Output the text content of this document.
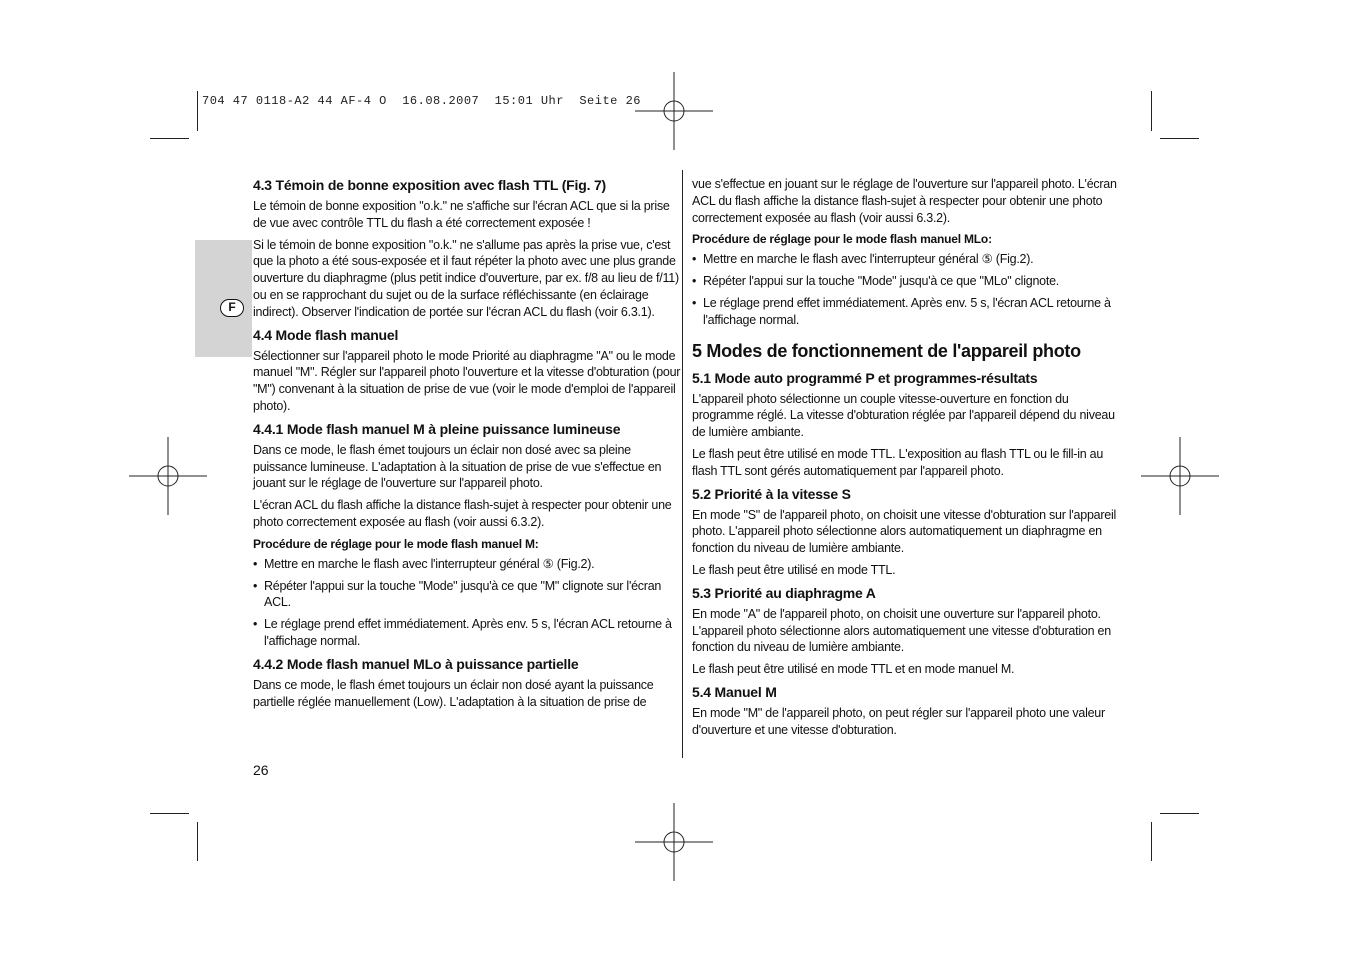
704 47 0118-A2 44 AF-4 O  16.08.2007  15:01 Uhr  Seite 26
F
4.3 Témoin de bonne exposition avec flash TTL (Fig. 7)

Le témoin de bonne exposition "o.k." ne s'affiche sur l'écran ACL que si la prise de vue avec contrôle TTL du flash a été correctement exposée !

Si le témoin de bonne exposition "o.k." ne s'allume pas après la prise vue, c'est que la photo a été sous-exposée et il faut répéter la photo avec une plus grande ouverture du diaphragme (plus petit indice d'ouverture, par ex. f/8 au lieu de f/11) ou en se rapprochant du sujet ou de la surface réfléchissante (en éclairage indirect). Observer l'indication de portée sur l'écran ACL du flash (voir 6.3.1).

4.4 Mode flash manuel

Sélectionner sur l'appareil photo le mode Priorité au diaphragme "A" ou le mode manuel "M". Régler sur l'appareil photo l'ouverture et la vitesse d'obturation (pour "M") convenant à la situation de prise de vue (voir le mode d'emploi de l'appareil photo).

4.4.1 Mode flash manuel M à pleine puissance lumineuse

Dans ce mode, le flash émet toujours un éclair non dosé avec sa pleine puissance lumineuse. L'adaptation à la situation de prise de vue s'effectue en jouant sur le réglage de l'ouverture sur l'appareil photo.

L'écran ACL du flash affiche la distance flash-sujet à respecter pour obtenir une photo correctement exposée au flash (voir aussi 6.3.2).

Procédure de réglage pour le mode flash manuel M:
• Mettre en marche le flash avec l'interrupteur général ⑤ (Fig.2).
• Répéter l'appui sur la touche "Mode" jusqu'à ce que "M" clignote sur l'écran ACL.
• Le réglage prend effet immédiatement. Après env. 5 s, l'écran ACL retourne à l'affichage normal.
4.4.2 Mode flash manuel MLo à puissance partielle

Dans ce mode, le flash émet toujours un éclair non dosé ayant la puissance partielle réglée manuellement (Low). L'adaptation à la situation de prise de

vue s'effectue en jouant sur le réglage de l'ouverture sur l'appareil photo. L'écran ACL du flash affiche la distance flash-sujet à respecter pour obtenir une photo correctement exposée au flash (voir aussi 6.3.2).

Procédure de réglage pour le mode flash manuel MLo:
• Mettre en marche le flash avec l'interrupteur général ⑤ (Fig.2).
• Répéter l'appui sur la touche "Mode" jusqu'à ce que "MLo" clignote.
• Le réglage prend effet immédiatement. Après env. 5 s, l'écran ACL retourne à l'affichage normal.
5 Modes de fonctionnement de l'appareil photo
5.1 Mode auto programmé P et programmes-résultats

L'appareil photo sélectionne un couple vitesse-ouverture en fonction du programme réglé. La vitesse d'obturation réglée par l'appareil dépend du niveau de lumière ambiante.

Le flash peut être utilisé en mode TTL. L'exposition au flash TTL ou le fill-in au flash TTL sont gérés automatiquement par l'appareil photo.

5.2 Priorité à la vitesse S

En mode "S" de l'appareil photo, on choisit une vitesse d'obturation sur l'appareil photo. L'appareil photo sélectionne alors automatiquement un diaphragme en fonction du niveau de lumière ambiante.

Le flash peut être utilisé en mode TTL.

5.3 Priorité au diaphragme A

En mode "A" de l'appareil photo, on choisit une ouverture sur l'appareil photo. L'appareil photo sélectionne alors automatiquement une vitesse d'obturation en fonction du niveau de lumière ambiante.

Le flash peut être utilisé en mode TTL et en mode manuel M.

5.4 Manuel M

En mode "M" de l'appareil photo, on peut régler sur l'appareil photo une valeur d'ouverture et une vitesse d'obturation.

26
